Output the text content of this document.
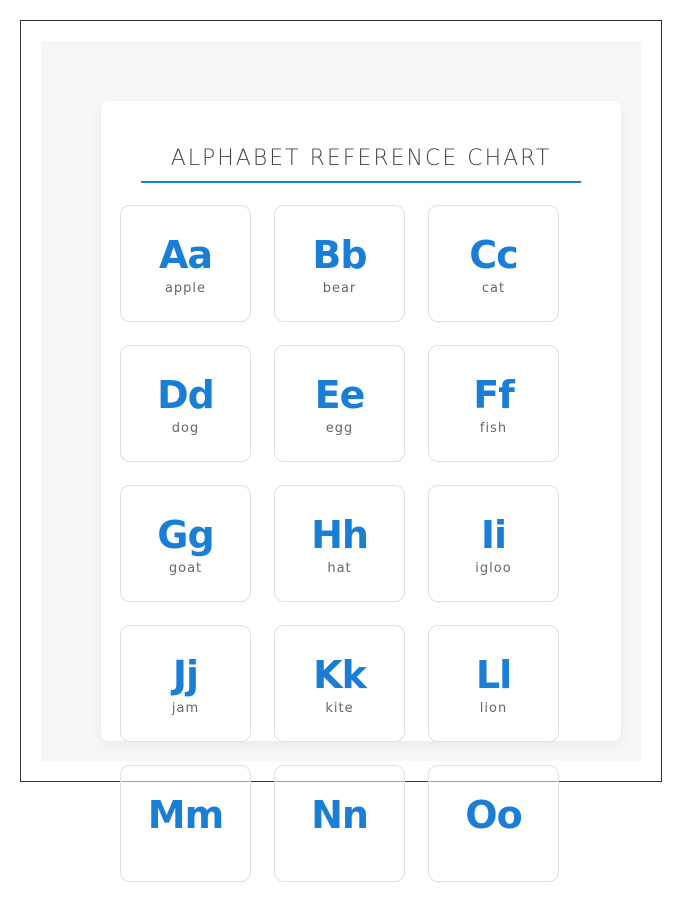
ALPHABET REFERENCE CHART
Aa
apple
Bb
bear
Cc
cat
Dd
dog
Ee
egg
Ff
fish
Gg
goat
Hh
hat
Ii
igloo
Jj
jam
Kk
kite
Ll
lion
Mm	Nn	Oo
